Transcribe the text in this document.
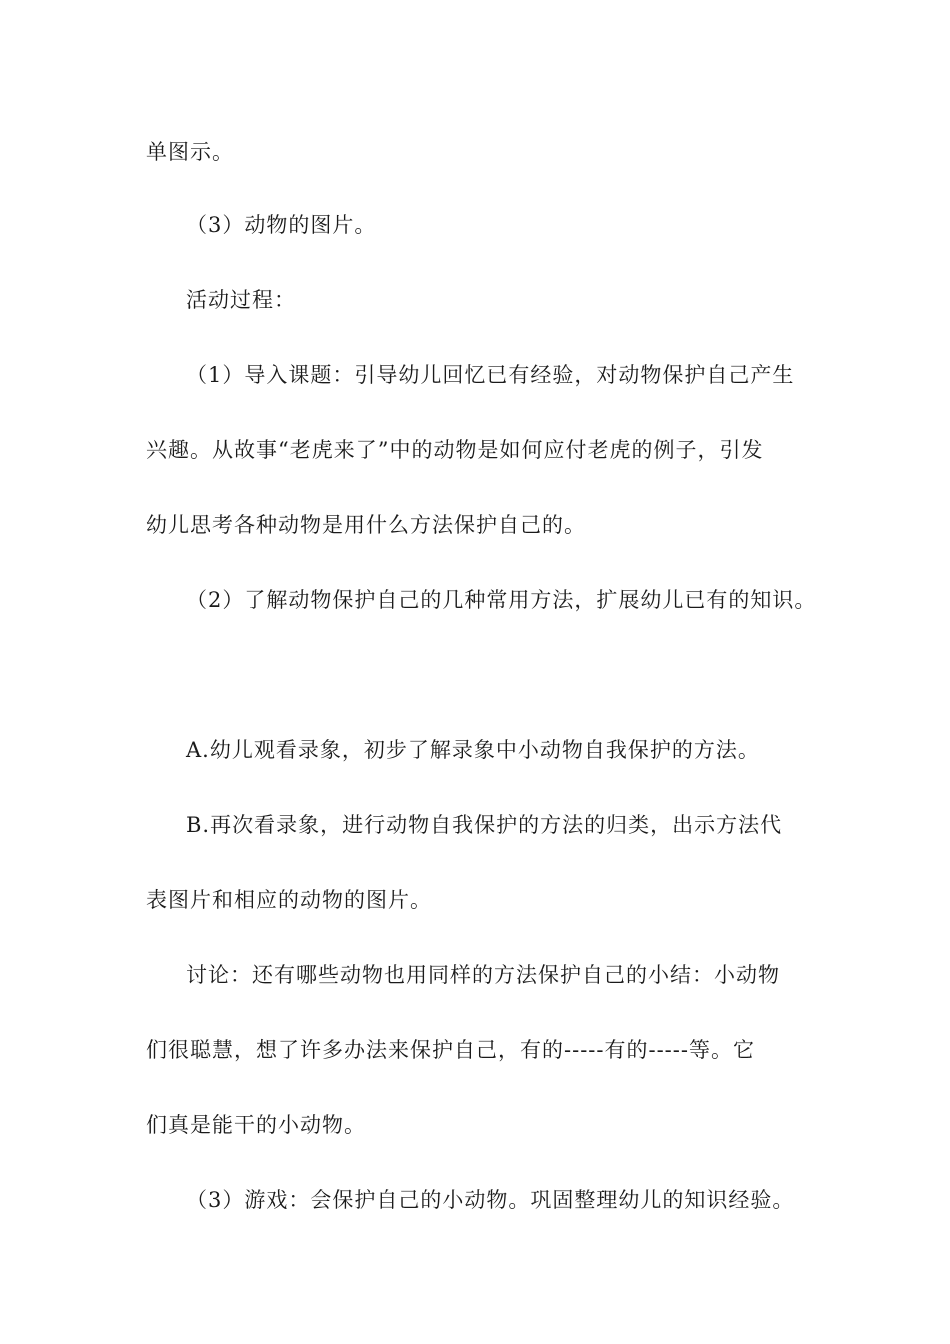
单图示。
（3）动物的图片。
活动过程：
（1）导入课题：引导幼儿回忆已有经验，对动物保护自己产生
兴趣。从故事“老虎来了”中的动物是如何应付老虎的例子，引发
幼儿思考各种动物是用什么方法保护自己的。
（2）了解动物保护自己的几种常用方法，扩展幼儿已有的知识。
A.幼儿观看录象，初步了解录象中小动物自我保护的方法。
B.再次看录象，进行动物自我保护的方法的归类，出示方法代
表图片和相应的动物的图片。
讨论：还有哪些动物也用同样的方法保护自己的小结：小动物
们很聪慧，想了许多办法来保护自己，有的-----有的-----等。它
们真是能干的小动物。
（3）游戏：会保护自己的小动物。巩固整理幼儿的知识经验。
